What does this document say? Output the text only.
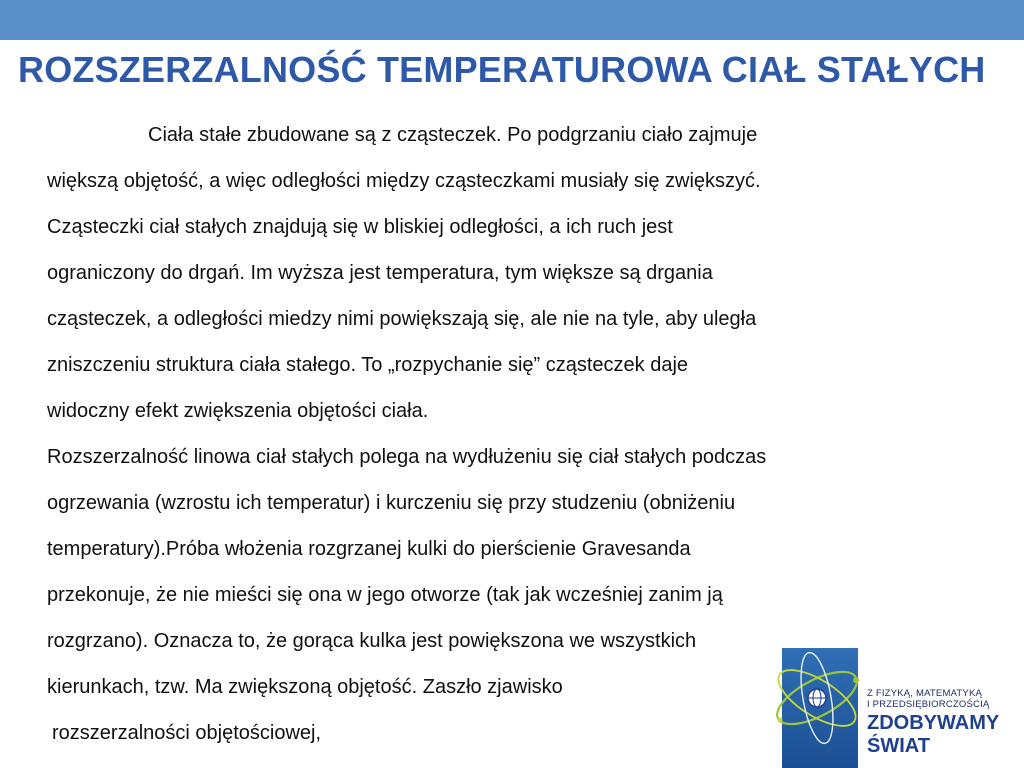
ROZSZERZALNOŚĆ TEMPERATUROWA CIAŁ STAŁYCH
Ciała stałe zbudowane są z cząsteczek. Po podgrzaniu ciało zajmuje
większą objętość, a więc odległości między cząsteczkami musiały się zwiększyć.
Cząsteczki ciał stałych znajdują się w bliskiej odległości, a ich ruch jest
ograniczony do drgań. Im wyższa jest temperatura, tym większe są drgania
cząsteczek, a odległości miedzy nimi powiększają się, ale nie na tyle, aby uległa
zniszczeniu struktura ciała stałego. To „rozpychanie się” cząsteczek daje
widoczny efekt zwiększenia objętości ciała.
Rozszerzalność linowa ciał stałych polega na wydłużeniu się ciał stałych podczas
ogrzewania (wzrostu ich temperatur) i kurczeniu się przy studzeniu (obniżeniu
temperatury).Próba włożenia rozgrzanej kulki do pierścienie Gravesanda
przekonuje, że nie mieści się ona w jego otworze (tak jak wcześniej zanim ją
rozgrzano). Oznacza to, że gorąca kulka jest powiększona we wszystkich
kierunkach, tzw. Ma zwiększoną objętość. Zaszło zjawisko
rozszerzalności objętościowej,
Z FIZYKĄ, MATEMATYKĄ
I PRZEDSIĘBIORCZOŚCIĄ
ZDOBYWAMY
ŚWIAT
